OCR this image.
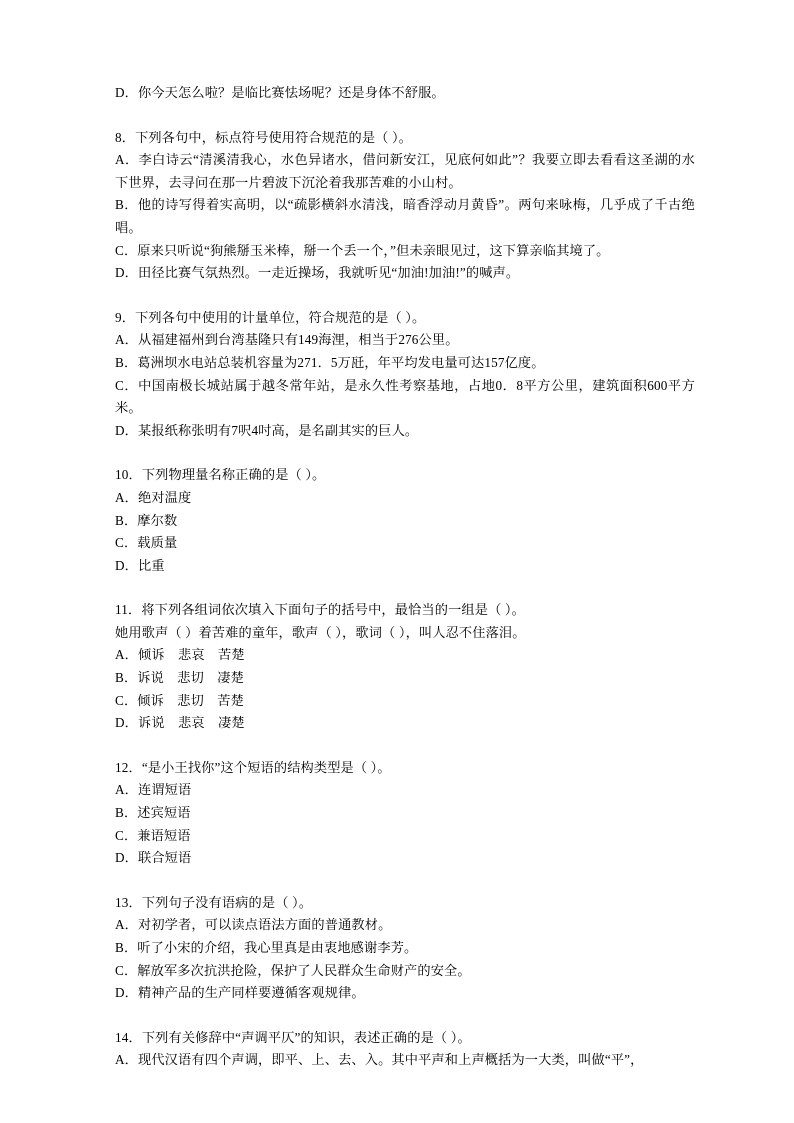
D．你今天怎么啦？是临比赛怯场呢？还是身体不舒服。

8．下列各句中，标点符号使用符合规范的是（ ）。

A．李白诗云“清溪清我心，水色异诸水，借问新安江，见底何如此”？我要立即去看看这圣湖的水下世界，去寻问在那一片碧波下沉沦着我那苦难的小山村。

B．他的诗写得着实高明，以“疏影横斜水清浅，暗香浮动月黄昏”。两句来咏梅，几乎成了千古绝唱。

C．原来只听说“狗熊掰玉米棒，掰一个丢一个，”但未亲眼见过，这下算亲临其境了。

D．田径比赛气氛热烈。一走近操场，我就听见“加油!加油!”的喊声。

9．下列各句中使用的计量单位，符合规范的是（ ）。

A．从福建福州到台湾基隆只有149海浬，相当于276公里。

B．葛洲坝水电站总装机容量为271．5万瓩，年平均发电量可达157亿度。

C．中国南极长城站属于越冬常年站，是永久性考察基地，占地0．8平方公里，建筑面积600平方米。

D．某报纸称张明有7呎4吋高，是名副其实的巨人。

10．下列物理量名称正确的是（ ）。

A．绝对温度

B．摩尔数

C．载质量

D．比重

11．将下列各组词依次填入下面句子的括号中，最恰当的一组是（ ）。

她用歌声（ ）着苦难的童年，歌声（ ），歌词（ ），叫人忍不住落泪。

A．倾诉　悲哀　苦楚

B．诉说　悲切　凄楚

C．倾诉　悲切　苦楚

D．诉说　悲哀　凄楚

12．“是小王找你”这个短语的结构类型是（ ）。

A．连谓短语

B．述宾短语

C．兼语短语

D．联合短语

13．下列句子没有语病的是（ ）。

A．对初学者，可以读点语法方面的普通教材。

B．听了小宋的介绍，我心里真是由衷地感谢李芳。

C．解放军多次抗洪抢险，保护了人民群众生命财产的安全。

D．精神产品的生产同样要遵循客观规律。

14．下列有关修辞中“声调平仄”的知识，表述正确的是（ ）。

A．现代汉语有四个声调，即平、上、去、入。其中平声和上声概括为一大类，叫做“平”，
